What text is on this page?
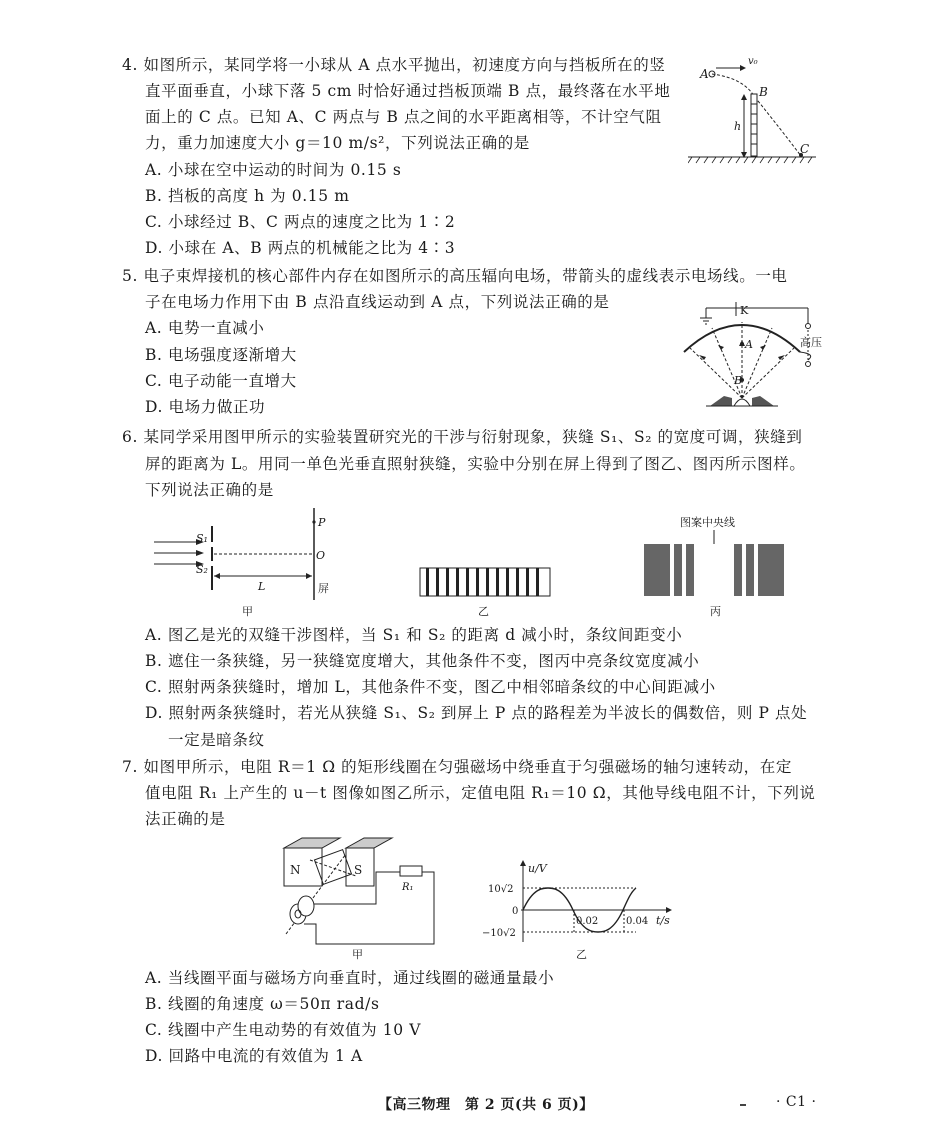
4. 如图所示，某同学将一小球从 A 点水平抛出，初速度方向与挡板所在的竖
直平面垂直，小球下落 5 cm 时恰好通过挡板顶端 B 点，最终落在水平地
面上的 C 点。已知 A、C 两点与 B 点之间的水平距离相等，不计空气阻
力，重力加速度大小 g＝10 m/s²，下列说法正确的是
A. 小球在空中运动的时间为 0.15 s
B. 挡板的高度 h 为 0.15 m
C. 小球经过 B、C 两点的速度之比为 1∶2
D. 小球在 A、B 两点的机械能之比为 4∶3
v₀
A
B
h
C
5. 电子束焊接机的核心部件内存在如图所示的高压辐向电场，带箭头的虚线表示电场线。一电
子在电场力作用下由 B 点沿直线运动到 A 点，下列说法正确的是
A. 电势一直减小
B. 电场强度逐渐增大
C. 电子动能一直增大
D. 电场力做正功
K
高压
A
B
6. 某同学采用图甲所示的实验装置研究光的干涉与衍射现象，狭缝 S₁、S₂ 的宽度可调，狭缝到
屏的距离为 L。用同一单色光垂直照射狭缝，实验中分别在屏上得到了图乙、图丙所示图样。
下列说法正确的是
S₁
S₂
P
O
L	屏
甲	乙
图案中央线
丙
A. 图乙是光的双缝干涉图样，当 S₁ 和 S₂ 的距离 d 减小时，条纹间距变小
B. 遮住一条狭缝，另一狭缝宽度增大，其他条件不变，图丙中亮条纹宽度减小
C. 照射两条狭缝时，增加 L，其他条件不变，图乙中相邻暗条纹的中心间距减小
D. 照射两条狭缝时，若光从狭缝 S₁、S₂ 到屏上 P 点的路程差为半波长的偶数倍，则 P 点处
一定是暗条纹
7. 如图甲所示，电阻 R＝1 Ω 的矩形线圈在匀强磁场中绕垂直于匀强磁场的轴匀速转动，在定
值电阻 R₁ 上产生的 u－t 图像如图乙所示，定值电阻 R₁＝10 Ω，其他导线电阻不计，下列说
法正确的是
N	S
R₁
甲
u/V
t/s
10√2
−10√2
0
0.02	0.04
乙
A. 当线圈平面与磁场方向垂直时，通过线圈的磁通量最小
B. 线圈的角速度 ω＝50π rad/s
C. 线圈中产生电动势的有效值为 10 V
D. 回路中电流的有效值为 1 A
【高三物理　第 2 页(共 6 页)】	· C1 ·
